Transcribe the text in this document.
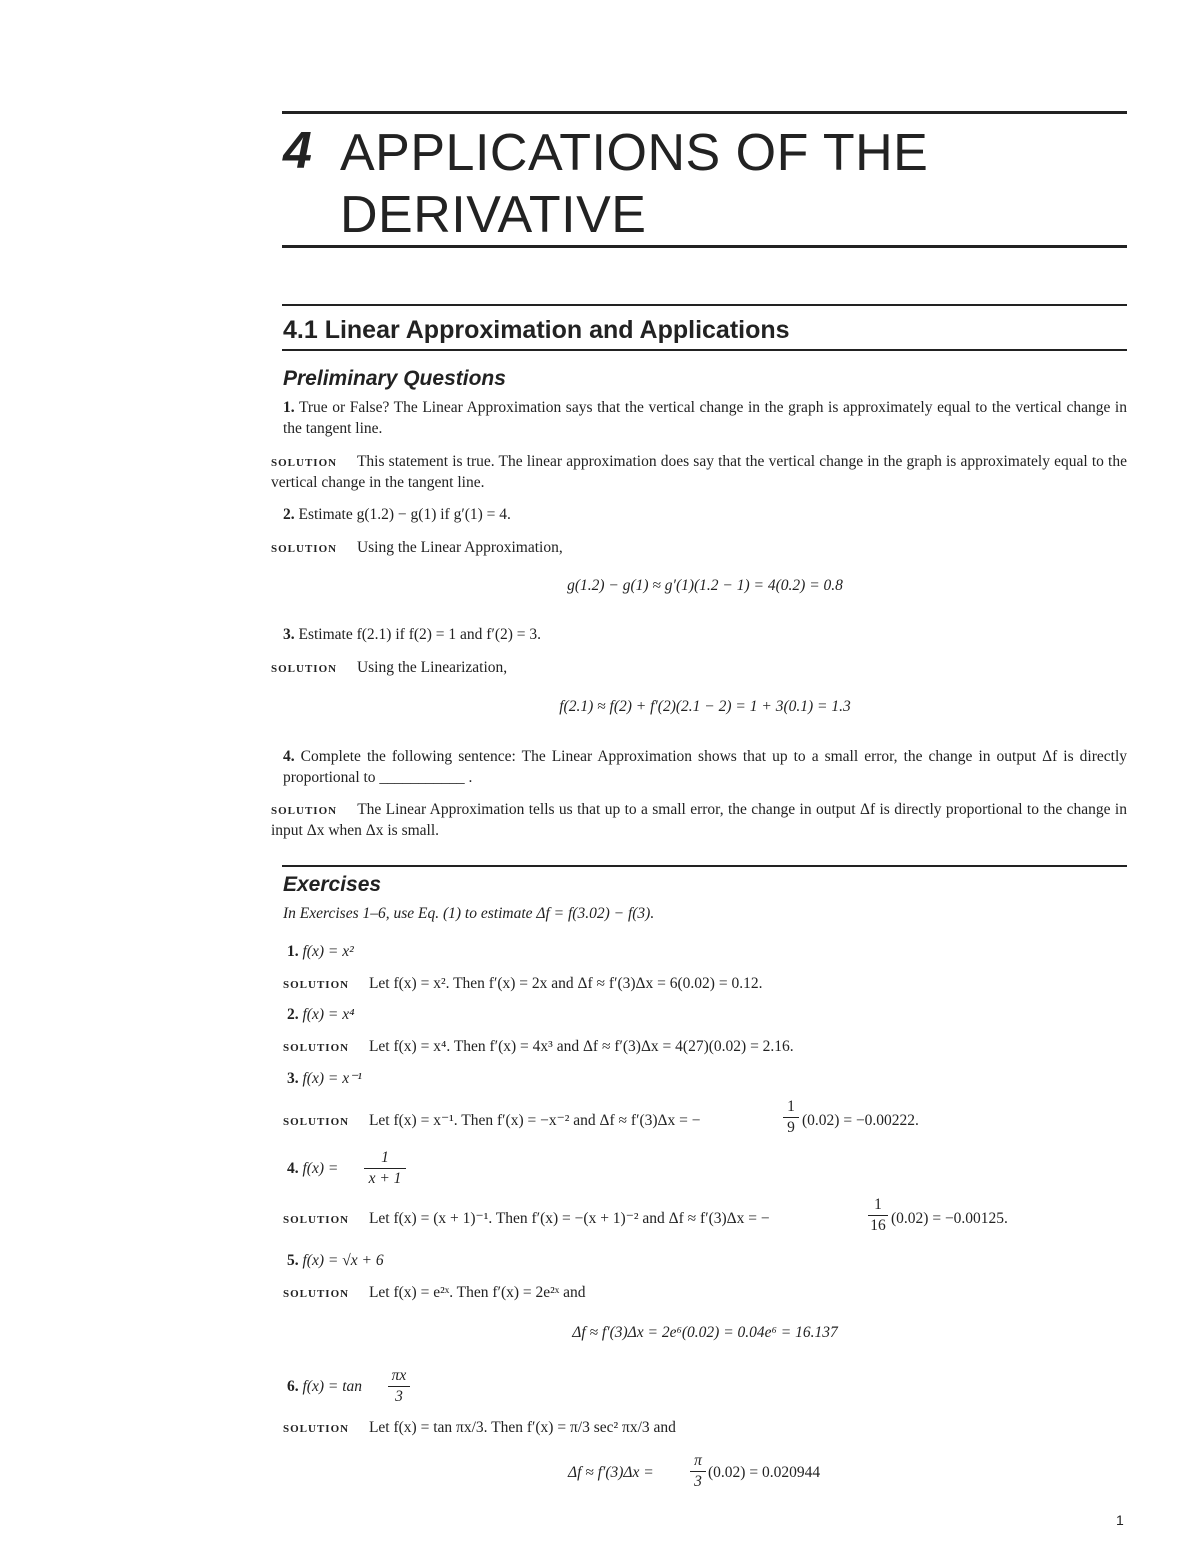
4 APPLICATIONS OF THE DERIVATIVE
4.1 Linear Approximation and Applications
Preliminary Questions
1. True or False? The Linear Approximation says that the vertical change in the graph is approximately equal to the vertical change in the tangent line.
solution This statement is true. The linear approximation does say that the vertical change in the graph is approximately equal to the vertical change in the tangent line.
2. Estimate g(1.2) − g(1) if g′(1) = 4.
solution Using the Linear Approximation,
g(1.2) − g(1) ≈ g′(1)(1.2 − 1) = 4(0.2) = 0.8
3. Estimate f(2.1) if f(2) = 1 and f′(2) = 3.
solution Using the Linearization,
f(2.1) ≈ f(2) + f′(2)(2.1 − 2) = 1 + 3(0.1) = 1.3
4. Complete the following sentence: The Linear Approximation shows that up to a small error, the change in output Δf is directly proportional to ___________ .
solution The Linear Approximation tells us that up to a small error, the change in output Δf is directly proportional to the change in input Δx when Δx is small.
Exercises
In Exercises 1–6, use Eq. (1) to estimate Δf = f(3.02) − f(3).
1. f(x) = x²
solution Let f(x) = x². Then f′(x) = 2x and Δf ≈ f′(3)Δx = 6(0.02) = 0.12.
2. f(x) = x⁴
solution Let f(x) = x⁴. Then f′(x) = 4x³ and Δf ≈ f′(3)Δx = 4(27)(0.02) = 2.16.
3. f(x) = x⁻¹
solution Let f(x) = x⁻¹. Then f′(x) = −x⁻² and Δf ≈ f′(3)Δx = −	$\frac{1}{9} (0.02) = -0.00222$.
4. $f(x) = \frac{1}{x + 1}$
solution Let f(x) = (x + 1)⁻¹. Then f′(x) = −(x + 1)⁻² and Δf ≈ f′(3)Δx = −	$\frac{1}{16} (0.02) = -0.00125$.
5. f(x) = √x + 6
solution Let f(x) = e²ˣ. Then f′(x) = 2e²ˣ and
Δf ≈ f′(3)Δx = 2e⁶(0.02) = 0.04e⁶ = 16.137
6. $f(x) = \tan \frac{\pi x}{3}$
solution Let f(x) = tan πx/3. Then f′(x) = π/3 sec² πx/3 and
$\Delta f \approx f'(3)\Delta x = \frac{\pi}{3} (0.02) = 0.020944$
1
